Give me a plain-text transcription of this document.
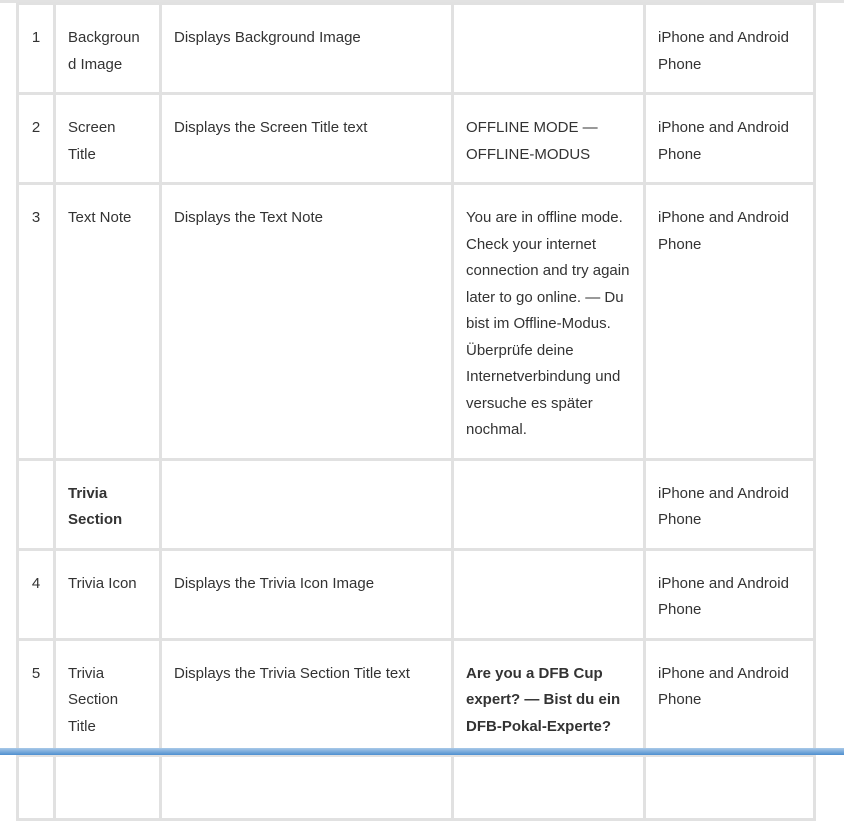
1	Background Image	Displays Background Image		iPhone and Android Phone
2	Screen Title	Displays the Screen Title text	OFFLINE MODE — OFFLINE-MODUS	iPhone and Android Phone
3	Text Note	Displays the Text Note	You are in offline mode. Check your internet connection and try again later to go online. — Du bist im Offline-Modus. Überprüfe deine Internetverbindung und versuche es später nochmal.	iPhone and Android Phone
	Trivia Section			iPhone and Android Phone
4	Trivia Icon	Displays the Trivia Icon Image		iPhone and Android Phone
5	Trivia Section Title	Displays the Trivia Section Title text	Are you a DFB Cup expert? — Bist du ein DFB-Pokal-Experte?	iPhone and Android Phone
